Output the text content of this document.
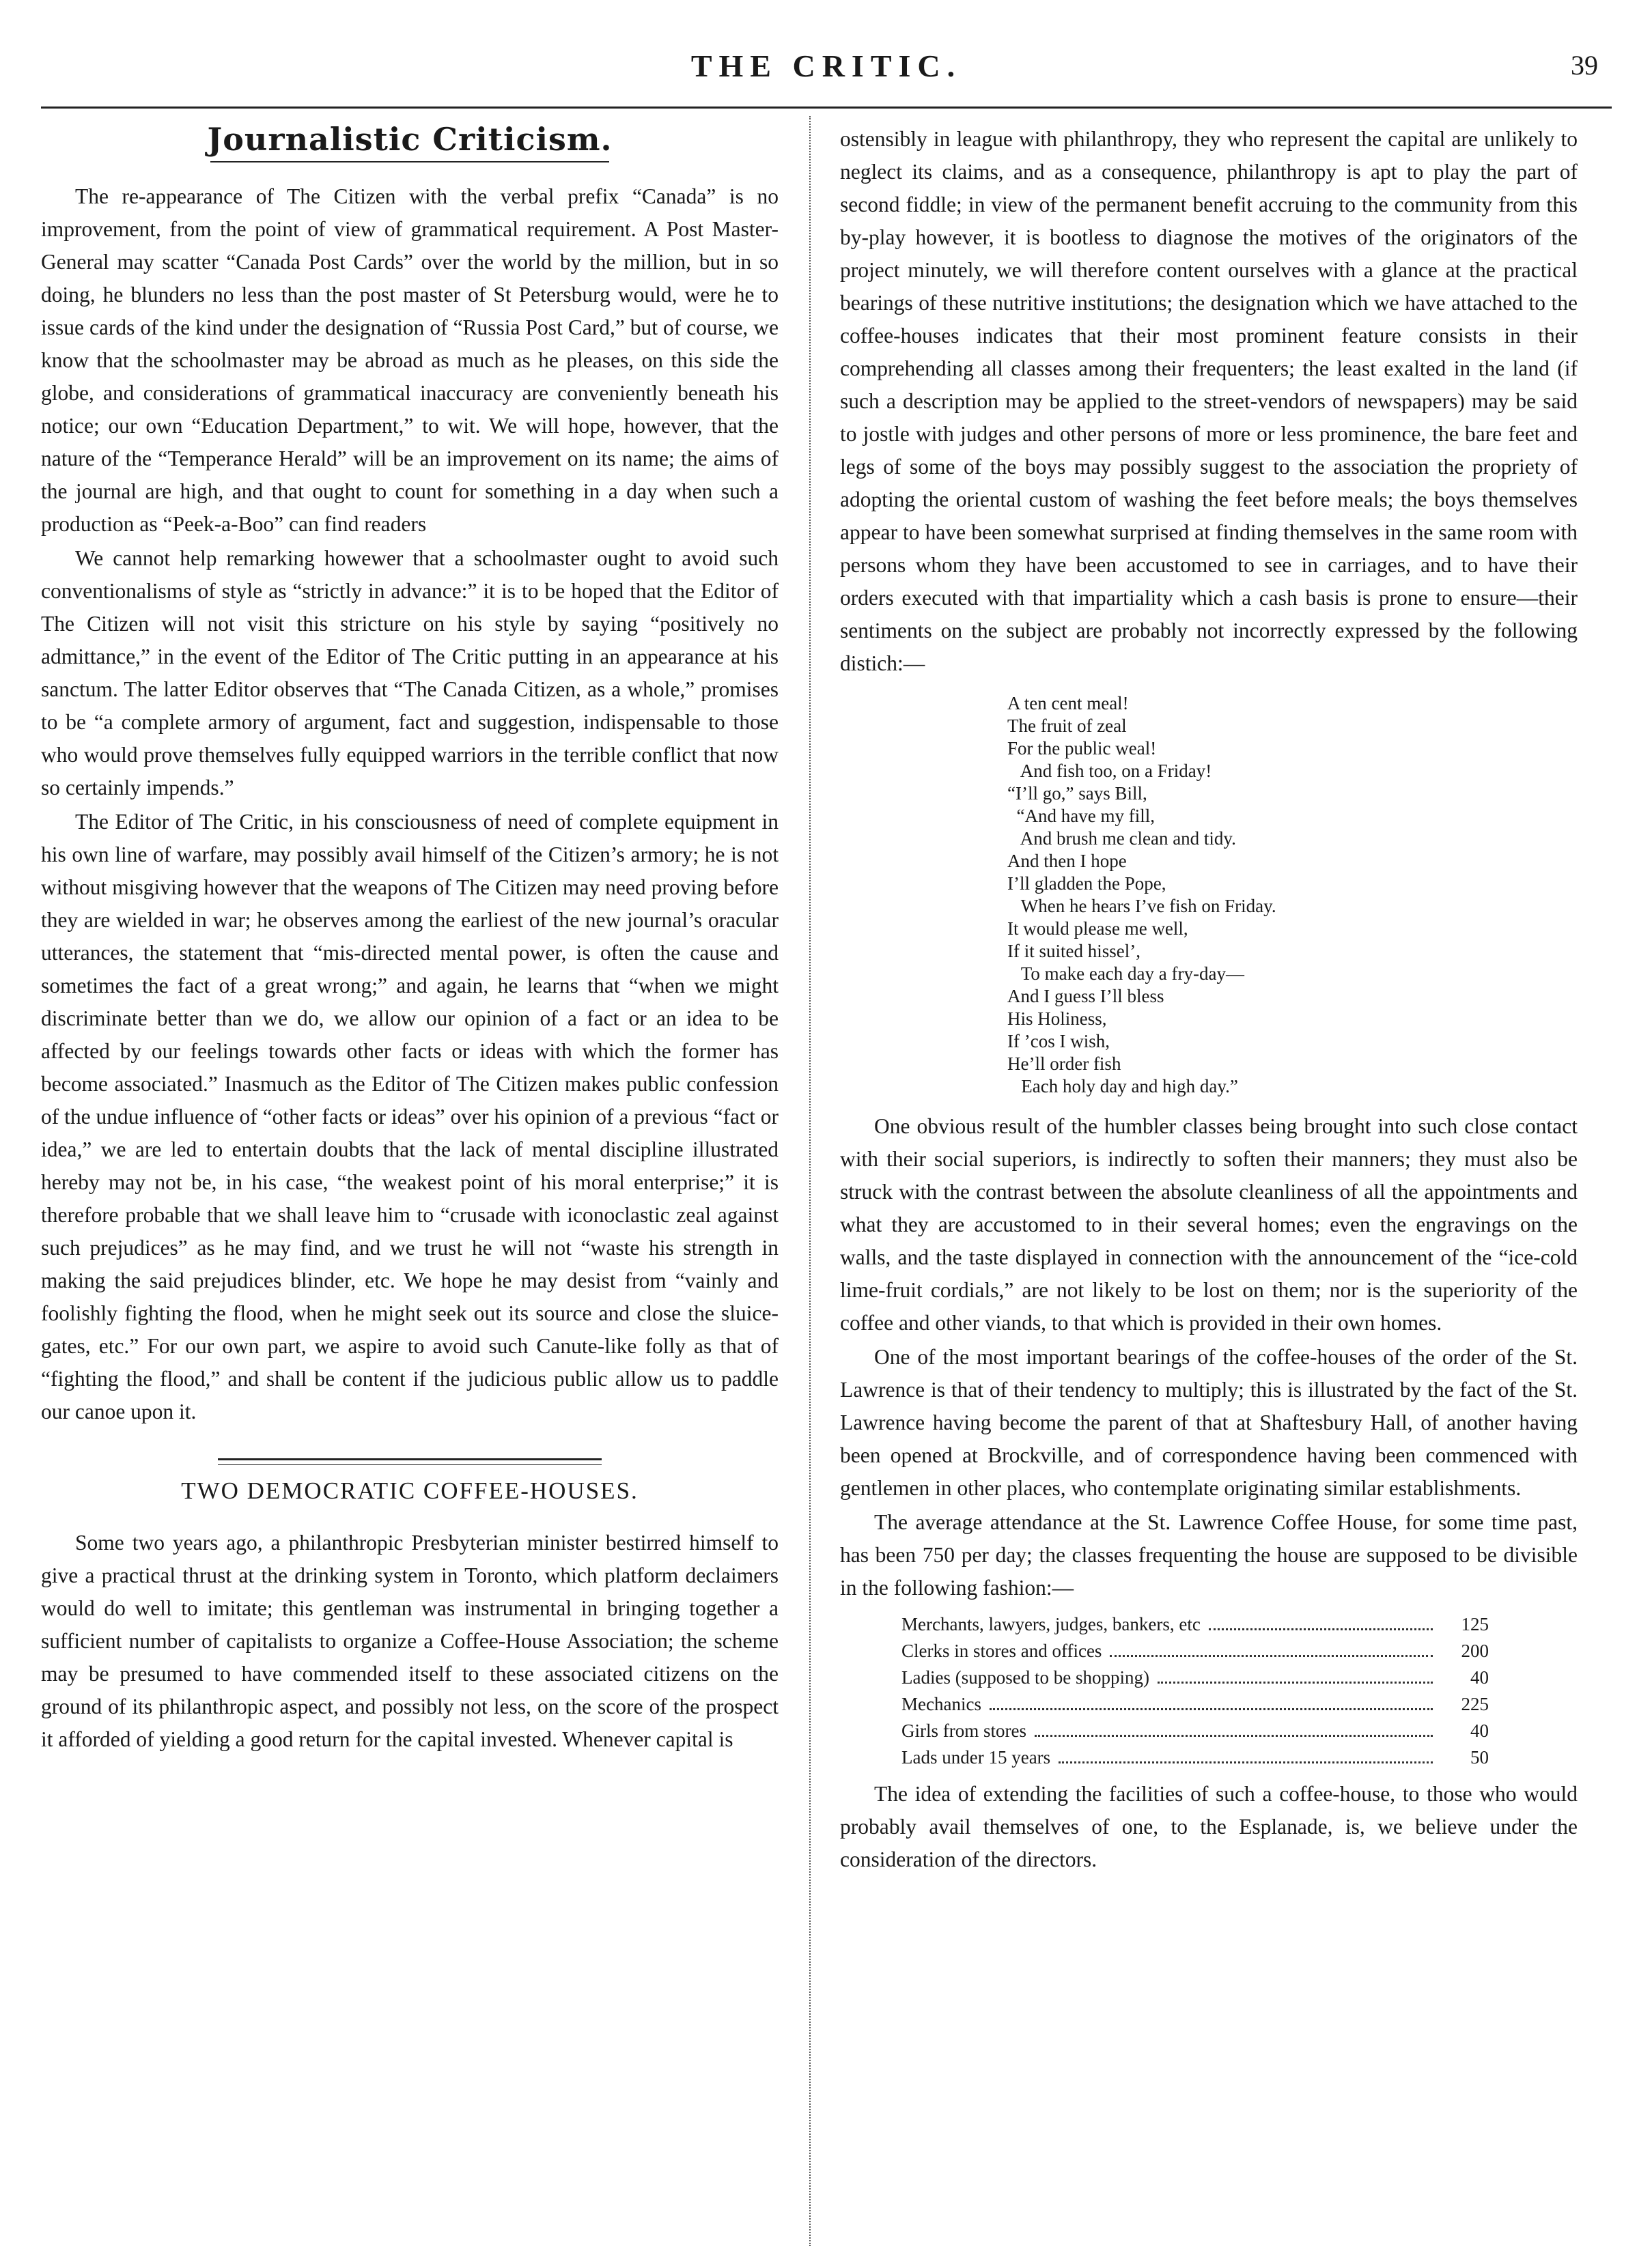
THE CRITIC.	39
Journalistic Criticism.

The re-appearance of The Citizen with the verbal prefix “Canada” is no improvement, from the point of view of grammatical requirement. A Post Master-General may scatter “Canada Post Cards” over the world by the million, but in so doing, he blunders no less than the post master of St Petersburg would, were he to issue cards of the kind under the designation of “Russia Post Card,” but of course, we know that the schoolmaster may be abroad as much as he pleases, on this side the globe, and considerations of grammatical inaccuracy are conveniently beneath his notice; our own “Education Department,” to wit. We will hope, however, that the nature of the “Temperance Herald” will be an improvement on its name; the aims of the journal are high, and that ought to count for something in a day when such a production as “Peek-a-Boo” can find readers

We cannot help remarking howewer that a schoolmaster ought to avoid such conventionalisms of style as “strictly in advance:” it is to be hoped that the Editor of The Citizen will not visit this stricture on his style by saying “positively no admittance,” in the event of the Editor of The Critic putting in an appearance at his sanctum. The latter Editor observes that “The Canada Citizen, as a whole,” promises to be “a complete armory of argument, fact and suggestion, indispensable to those who would prove themselves fully equipped warriors in the terrible conflict that now so certainly impends.”

The Editor of The Critic, in his consciousness of need of complete equipment in his own line of warfare, may possibly avail himself of the Citizen’s armory; he is not without misgiving however that the weapons of The Citizen may need proving before they are wielded in war; he observes among the earliest of the new journal’s oracular utterances, the statement that “mis-directed mental power, is often the cause and sometimes the fact of a great wrong;” and again, he learns that “when we might discriminate better than we do, we allow our opinion of a fact or an idea to be affected by our feelings towards other facts or ideas with which the former has become associated.” Inasmuch as the Editor of The Citizen makes public confession of the undue influence of “other facts or ideas” over his opinion of a previous “fact or idea,” we are led to entertain doubts that the lack of mental discipline illustrated hereby may not be, in his case, “the weakest point of his moral enterprise;” it is therefore probable that we shall leave him to “crusade with iconoclastic zeal against such prejudices” as he may find, and we trust he will not “waste his strength in making the said prejudices blinder, etc. We hope he may desist from “vainly and foolishly fighting the flood, when he might seek out its source and close the sluice-gates, etc.” For our own part, we aspire to avoid such Canute-like folly as that of “fighting the flood,” and shall be content if the judicious public allow us to paddle our canoe upon it.

TWO DEMOCRATIC COFFEE-HOUSES.

Some two years ago, a philanthropic Presbyterian minister bestirred himself to give a practical thrust at the drinking system in Toronto, which platform declaimers would do well to imitate; this gentleman was instrumental in bringing together a sufficient number of capitalists to organize a Coffee-House Association; the scheme may be presumed to have commended itself to these associated citizens on the ground of its philanthropic aspect, and possibly not less, on the score of the prospect it afforded of yielding a good return for the capital invested. Whenever capital is

ostensibly in league with philanthropy, they who represent the capital are unlikely to neglect its claims, and as a consequence, philanthropy is apt to play the part of second fiddle; in view of the permanent benefit accruing to the community from this by-play however, it is bootless to diagnose the motives of the originators of the project minutely, we will therefore content ourselves with a glance at the practical bearings of these nutritive institutions; the designation which we have attached to the coffee-houses indicates that their most prominent feature consists in their comprehending all classes among their frequenters; the least exalted in the land (if such a description may be applied to the street-vendors of newspapers) may be said to jostle with judges and other persons of more or less prominence, the bare feet and legs of some of the boys may possibly suggest to the association the propriety of adopting the oriental custom of washing the feet before meals; the boys themselves appear to have been somewhat surprised at finding themselves in the same room with persons whom they have been accustomed to see in carriages, and to have their orders executed with that impartiality which a cash basis is prone to ensure—their sentiments on the subject are probably not incorrectly expressed by the following distich:—

A ten cent meal!
The fruit of zeal
For the public weal!
And fish too, on a Friday!
“I’ll go,” says Bill,
“And have my fill,
And brush me clean and tidy.
And then I hope
I’ll gladden the Pope,
When he hears I’ve fish on Friday.
It would please me well,
If it suited hissel’,
To make each day a fry-day—
And I guess I’ll bless
His Holiness,
If ’cos I wish,
He’ll order fish
Each holy day and high day.”

One obvious result of the humbler classes being brought into such close contact with their social superiors, is indirectly to soften their manners; they must also be struck with the contrast between the absolute cleanliness of all the appointments and what they are accustomed to in their several homes; even the engravings on the walls, and the taste displayed in connection with the announcement of the “ice-cold lime-fruit cordials,” are not likely to be lost on them; nor is the superiority of the coffee and other viands, to that which is provided in their own homes.

One of the most important bearings of the coffee-houses of the order of the St. Lawrence is that of their tendency to multiply; this is illustrated by the fact of the St. Lawrence having become the parent of that at Shaftesbury Hall, of another having been opened at Brockville, and of correspondence having been commenced with gentlemen in other places, who contemplate originating similar establishments.

The average attendance at the St. Lawrence Coffee House, for some time past, has been 750 per day; the classes frequenting the house are supposed to be divisible in the following fashion:—

Merchants, lawyers, judges, bankers, etc	125
Clerks in stores and offices	200
Ladies (supposed to be shopping)	40
Mechanics	225
Girls from stores	40
Lads under 15 years	50

The idea of extending the facilities of such a coffee-house, to those who would probably avail themselves of one, to the Esplanade, is, we believe under the consideration of the directors.
